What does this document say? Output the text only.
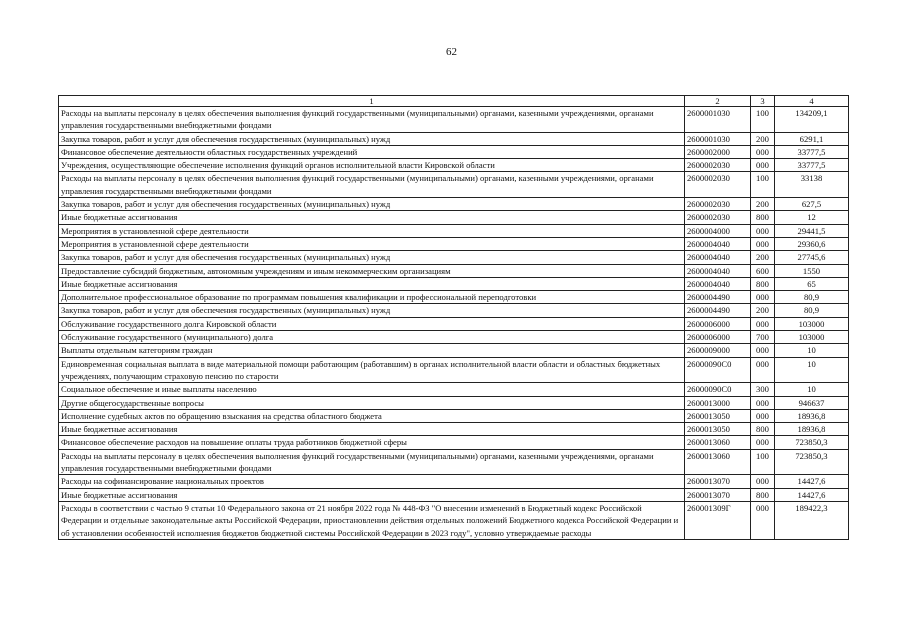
62
1	2	3	4
Расходы на выплаты персоналу в целях обеспечения выполнения функций государственными (муниципальными) органами, казенными учреждениями, органами управления государственными внебюджетными фондами	2600001030	100	134209,1
Закупка товаров, работ и услуг для обеспечения государственных (муниципальных) нужд	2600001030	200	6291,1
Финансовое обеспечение деятельности областных государственных учреждений	2600002000	000	33777,5
Учреждения, осуществляющие обеспечение исполнения функций органов исполнительной власти Кировской области	2600002030	000	33777,5
Расходы на выплаты персоналу в целях обеспечения выполнения функций государственными (муниципальными) органами, казенными учреждениями, органами управления государственными внебюджетными фондами	2600002030	100	33138
Закупка товаров, работ и услуг для обеспечения государственных (муниципальных) нужд	2600002030	200	627,5
Иные бюджетные ассигнования	2600002030	800	12
Мероприятия в установленной сфере деятельности	2600004000	000	29441,5
Мероприятия в установленной сфере деятельности	2600004040	000	29360,6
Закупка товаров, работ и услуг для обеспечения государственных (муниципальных) нужд	2600004040	200	27745,6
Предоставление субсидий бюджетным, автономным учреждениям и иным некоммерческим организациям	2600004040	600	1550
Иные бюджетные ассигнования	2600004040	800	65
Дополнительное профессиональное образование по программам повышения квалификации и профессиональной переподготовки	2600004490	000	80,9
Закупка товаров, работ и услуг для обеспечения государственных (муниципальных) нужд	2600004490	200	80,9
Обслуживание государственного долга Кировской области	2600006000	000	103000
Обслуживание государственного (муниципального) долга	2600006000	700	103000
Выплаты отдельным категориям граждан	2600009000	000	10
Единовременная социальная выплата в виде материальной помощи работающим (работавшим) в органах исполнительной власти области и областных бюджетных учреждениях, получающим страховую пенсию по старости	26000090С0	000	10
Социальное обеспечение и иные выплаты населению	26000090С0	300	10
Другие общегосударственные вопросы	2600013000	000	946637
Исполнение судебных актов по обращению взыскания на средства областного бюджета	2600013050	000	18936,8
Иные бюджетные ассигнования	2600013050	800	18936,8
Финансовое обеспечение расходов на повышение оплаты труда работников бюджетной сферы	2600013060	000	723850,3
Расходы на выплаты персоналу в целях обеспечения выполнения функций государственными (муниципальными) органами, казенными учреждениями, органами управления государственными внебюджетными фондами	2600013060	100	723850,3
Расходы на софинансирование национальных проектов	2600013070	000	14427,6
Иные бюджетные ассигнования	2600013070	800	14427,6
Расходы в соответствии с частью 9 статьи 10 Федерального закона от 21 ноября 2022 года № 448-ФЗ "О внесении изменений в Бюджетный кодекс Российской Федерации и отдельные законодательные акты Российской Федерации, приостановлении действия отдельных положений Бюджетного кодекса Российской Федерации и об установлении особенностей исполнения бюджетов бюджетной системы Российской Федерации в 2023 году", условно утверждаемые расходы	260001309Г	000	189422,3
